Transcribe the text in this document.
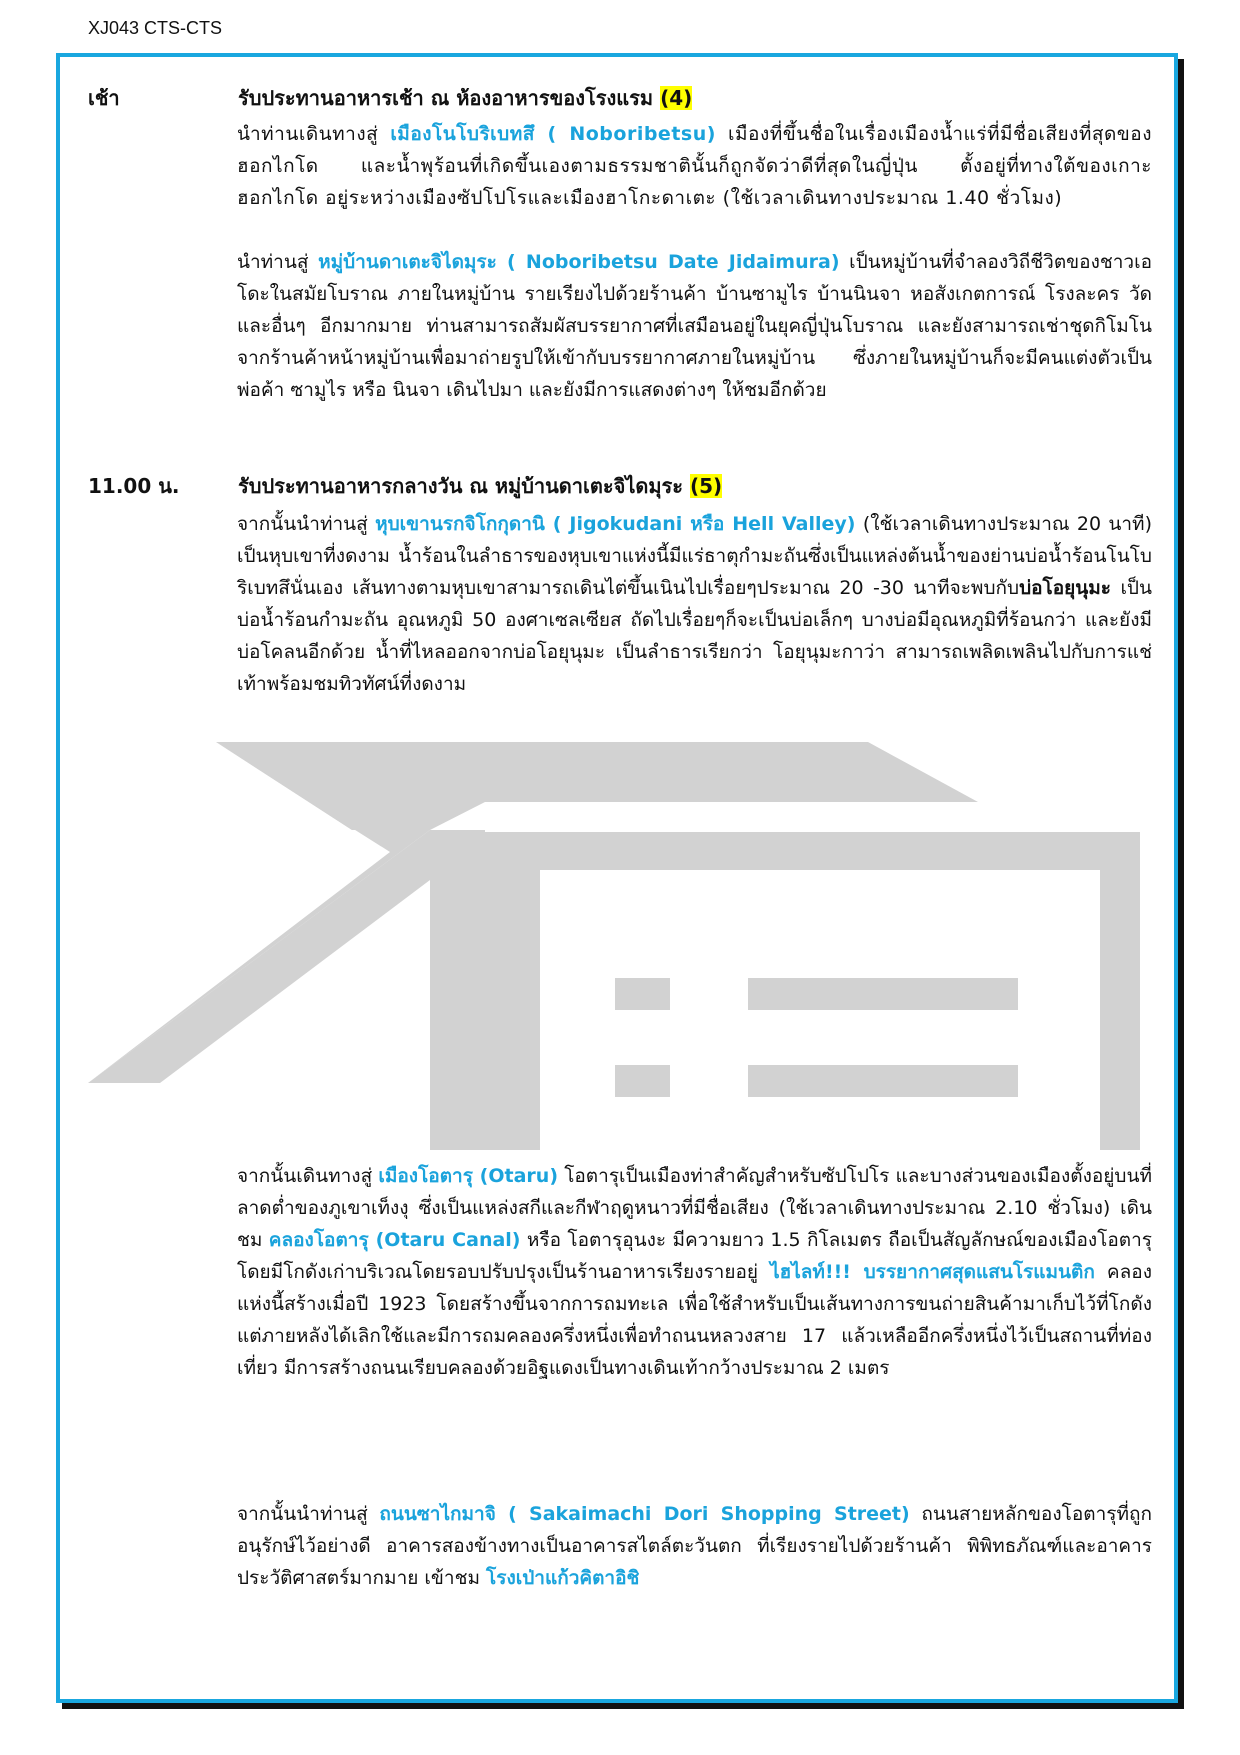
XJ043 CTS-CTS
เช้า	รับประทานอาหารเช้า ณ ห้องอาหารของโรงแรม (4)

นำท่านเดินทางสู่ เมืองโนโบริเบทสึ ( Noboribetsu) เมืองที่ขึ้นชื่อในเรื่องเมืองน้ำแร่ที่มีชื่อเสียงที่สุดของฮอกไกโด และน้ำพุร้อนที่เกิดขึ้นเองตามธรรมชาตินั้นก็ถูกจัดว่าดีที่สุดในญี่ปุ่น ตั้งอยู่ที่ทางใต้ของเกาะฮอกไกโด อยู่ระหว่างเมืองซัปโปโรและเมืองฮาโกะดาเตะ (ใช้เวลาเดินทางประมาณ 1.40 ชั่วโมง)

นำท่านสู่ หมู่บ้านดาเตะจิไดมุระ ( Noboribetsu Date Jidaimura) เป็นหมู่บ้านที่จำลองวิถีชีวิตของชาวเอโดะในสมัยโบราณ ภายในหมู่บ้าน รายเรียงไปด้วยร้านค้า บ้านซามูไร บ้านนินจา หอสังเกตการณ์ โรงละคร วัด และอื่นๆ อีกมากมาย ท่านสามารถสัมผัสบรรยากาศที่เสมือนอยู่ในยุคญี่ปุ่นโบราณ และยังสามารถเช่าชุดกิโมโนจากร้านค้าหน้าหมู่บ้านเพื่อมาถ่ายรูปให้เข้ากับบรรยากาศภายในหมู่บ้าน ซึ่งภายในหมู่บ้านก็จะมีคนแต่งตัวเป็นพ่อค้า ซามูไร หรือ นินจา เดินไปมา และยังมีการแสดงต่างๆ ให้ชมอีกด้วย

11.00 น.	รับประทานอาหารกลางวัน ณ หมู่บ้านดาเตะจิไดมุระ (5)

จากนั้นนำท่านสู่ หุบเขานรกจิโกกุดานิ ( Jigokudani หรือ Hell Valley) (ใช้เวลาเดินทางประมาณ 20 นาที) เป็นหุบเขาที่งดงาม น้ำร้อนในลำธารของหุบเขาแห่งนี้มีแร่ธาตุกำมะถันซึ่งเป็นแหล่งต้นน้ำของย่านบ่อน้ำร้อนโนโบริเบทสึนั่นเอง เส้นทางตามหุบเขาสามารถเดินไต่ขึ้นเนินไปเรื่อยๆประมาณ 20 -30 นาทีจะพบกับบ่อโอยุนุมะ เป็นบ่อน้ำร้อนกำมะถัน อุณหภูมิ 50 องศาเซลเซียส ถัดไปเรื่อยๆก็จะเป็นบ่อเล็กๆ บางบ่อมีอุณหภูมิที่ร้อนกว่า และยังมีบ่อโคลนอีกด้วย น้ำที่ไหลออกจากบ่อโอยุนุมะ เป็นลำธารเรียกว่า โอยุนุมะกาว่า สามารถเพลิดเพลินไปกับการแช่เท้าพร้อมชมทิวทัศน์ที่งดงาม

จากนั้นเดินทางสู่ เมืองโอตารุ (Otaru) โอตารุเป็นเมืองท่าสำคัญสำหรับซัปโปโร และบางส่วนของเมืองตั้งอยู่บนที่ลาดต่ำของภูเขาเท็งงุ ซึ่งเป็นแหล่งสกีและกีฬาฤดูหนาวที่มีชื่อเสียง (ใช้เวลาเดินทางประมาณ 2.10 ชั่วโมง) เดินชม คลองโอตารุ (Otaru Canal) หรือ โอตารุอุนงะ มีความยาว 1.5 กิโลเมตร ถือเป็นสัญลักษณ์ของเมืองโอตารุ โดยมีโกดังเก่าบริเวณโดยรอบปรับปรุงเป็นร้านอาหารเรียงรายอยู่ ไฮไลท์!!! บรรยากาศสุดแสนโรแมนติก คลองแห่งนี้สร้างเมื่อปี 1923 โดยสร้างขึ้นจากการถมทะเล เพื่อใช้สำหรับเป็นเส้นทางการขนถ่ายสินค้ามาเก็บไว้ที่โกดัง แต่ภายหลังได้เลิกใช้และมีการถมคลองครึ่งหนึ่งเพื่อทำถนนหลวงสาย 17 แล้วเหลืออีกครึ่งหนึ่งไว้เป็นสถานที่ท่องเที่ยว มีการสร้างถนนเรียบคลองด้วยอิฐแดงเป็นทางเดินเท้ากว้างประมาณ 2 เมตร

จากนั้นนำท่านสู่ ถนนซาไกมาจิ ( Sakaimachi Dori Shopping Street) ถนนสายหลักของโอตารุที่ถูกอนุรักษ์ไว้อย่างดี อาคารสองข้างทางเป็นอาคารสไตล์ตะวันตก ที่เรียงรายไปด้วยร้านค้า พิพิทธภัณฑ์และอาคารประวัติศาสตร์มากมาย เข้าชม โรงเป่าแก้วคิตาอิชิ
